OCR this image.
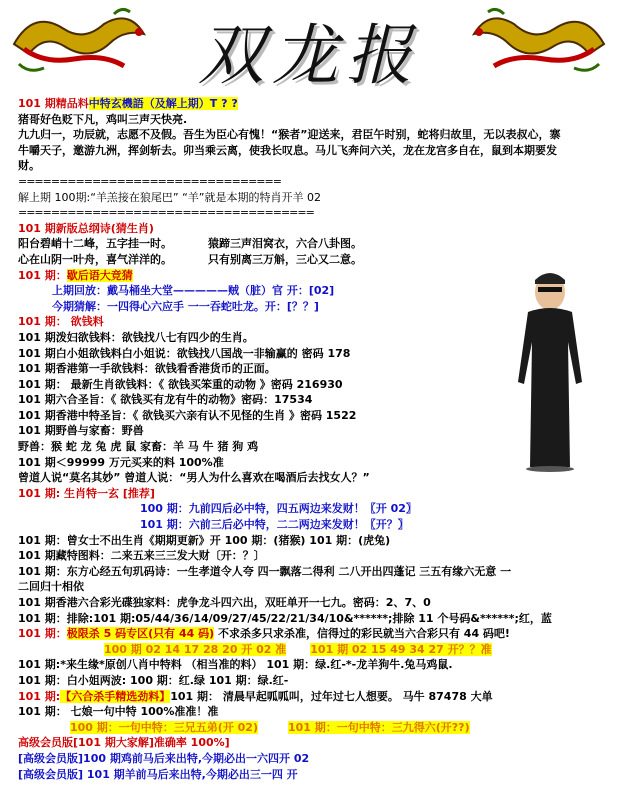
双龙报
101 期精品料中特玄機語（及解上期）T ? ?
猪哥好色贬下凡，鸡叫三声天快亮.
九九归一，功辰就，志愿不及假。吾生为臣心有愧！“猴者”迎送来，君臣午时别，蛇将归故里，无以表叔心，寨牛嚼天子，邀游九洲，挥剑斩去。卯当乘云离，使我长叹息。马儿飞奔问六关，龙在龙宫多自在，鼠到本期要发财。
================================
解上期 100期:“羊羔接在狼尾巴” “羊”就是本期的特肖开羊 02
====================================
101 期新版总纲诗(猜生肖)
阳台碧峭十二峰，五字挂一时。	猿蹄三声泪窝衣，六合八卦图。
心在山阴一叶舟，喜气洋洋的。	只有别离三万斛，三心又二意。
101 期：歇后语大竞猜
上期回放：戴马桶坐大堂—————贼（脏）官 开：[02]
今期猜解：一四得心六应手 一一吞蛇吐龙。开：[？？]
101 期： 欲钱料
101 期泼妇欲钱料：欲钱找八七有四少的生肖。
101 期白小姐欲钱料白小姐说：欲钱找八国战一非输赢的 密码 178
101 期香港第一手欲钱料：欲钱看香港货币的正面。
101 期： 最新生肖欲钱料：《 欲钱买笨重的动物 》密码 216930
101 期六合圣旨：《 欲钱买有龙有牛的动物》密码：17534
101 期香港中特圣旨：《 欲钱买六亲有认不见怪的生肖 》密码 1522
101 期野兽与家畜：野兽
野兽：猴 蛇 龙 兔 虎 鼠 家畜：羊 马 牛 猪 狗 鸡
101 期＜99999 万元买来的料 100%准
曾道人说“莫名其妙” 曾道人说：“男人为什么喜欢在喝酒后去找女人？”
101 期: 生肖特一玄 [推荐]
100 期：九前四后必中特，四五两边来发财！〖开 02〗
101 期：六前三后必中特，二二两边来发财！〖开？〗
101 期：曾女士不出生肖《期期更新》开 100 期：(猪猴) 101 期：(虎兔)
101 期藏特图料：二来五来三三发大财〔开：？〕
101 期：东方心经五句玑码诗：一生孝道令人夸 四一飘落二得利 二八开出四蓬记 三五有缘六无意 一
二回归十相依
101 期香港六合彩光碟独家料：虎争龙斗四六出，双旺单开一七九。密码：2、7、0
101 期：排除:101 期:05/44/36/14/09/27/45/22/21/34/10&******;排除 11 个号码&******;红，蓝
101 期：极限杀 5 码专区(只有 44 码) 不求杀多只求杀准，信得过的彩民就当六合彩只有 44 码吧!
100 期 02 14 17 28 20 开 02 准 101 期 02 15 49 34 27 开？？准
101 期:*来生缘*原创八肖中特料 （相当准的料） 101 期：绿.红-*-龙羊狗牛.兔马鸡鼠.
101 期：白小姐两波: 100 期：红.绿 101 期：绿.红-
101 期:【六合杀手精选劲料】101 期： 清晨早起呱呱叫，过年过七人想要。 马牛 87478 大单
101 期： 七娘一句中特 100%准准！准
100 期：一句中特：三兄五弟(开 02)	101 期：一句中特：三九得六(开??)
高级会员版[101 期大家解]准确率 100%]
[高级会员版]100 期鸡前马后来出特,今期必出一六四开 02
[高级会员版] 101 期羊前马后来出特,今期必出三一四 开
